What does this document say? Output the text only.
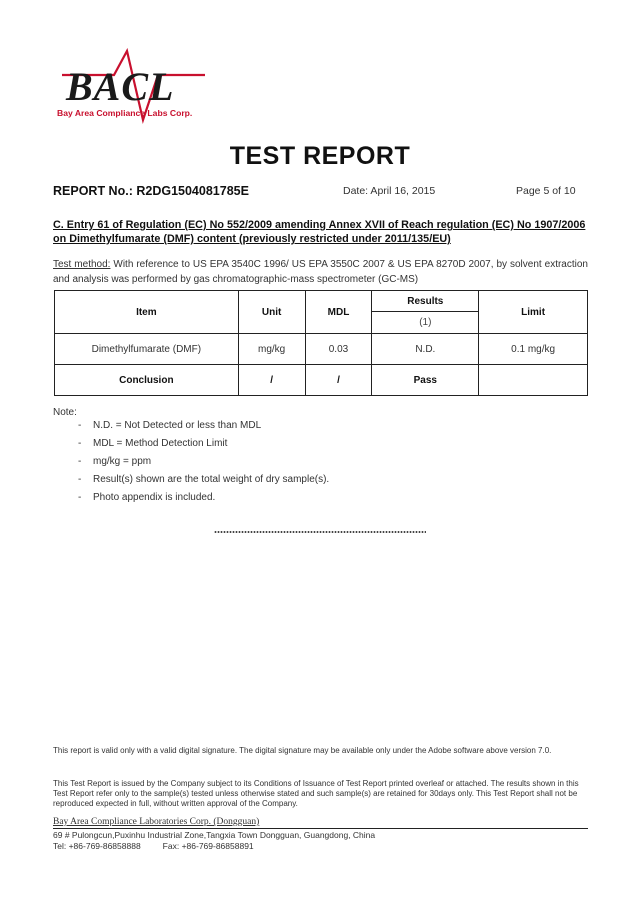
BACL
Bay Area Compliance Labs Corp.
TEST REPORT
REPORT No.: R2DG1504081785E	Date: April 16, 2015	Page 5 of 10
C. Entry 61 of Regulation (EC) No 552/2009 amending Annex XVII of Reach regulation (EC) No 1907/2006 on Dimethylfumarate (DMF) content (previously restricted under 2011/135/EU)
Test method: With reference to US EPA 3540C 1996/ US EPA 3550C 2007 & US EPA 8270D 2007, by solvent extraction and analysis was performed by gas chromatographic-mass spectrometer (GC-MS)
Item	Unit	MDL	Results	Limit
			(1)	
Dimethylfumarate (DMF)	mg/kg	0.03	N.D.	0.1 mg/kg
Conclusion	/	/	Pass	
Note:
- N.D. = Not Detected or less than MDL
- MDL = Method Detection Limit
- mg/kg = ppm
- Result(s) shown are the total weight of dry sample(s).
- Photo appendix is included.
This report is valid only with a valid digital signature. The digital signature may be available only under the Adobe software above version 7.0.
This Test Report is issued by the Company subject to its Conditions of Issuance of Test Report printed overleaf or attached. The results shown in this Test Report refer only to the sample(s) tested unless otherwise stated and such sample(s) are retained for 30days only. This Test Report shall not be reproduced expected in full, without written approval of the Company.
Bay Area Compliance Laboratories Corp. (Dongguan)
69 # Pulongcun,Puxinhu Industrial Zone,Tangxia Town Dongguan, Guangdong, China
Tel: +86-769-86858888	Fax: +86-769-86858891
